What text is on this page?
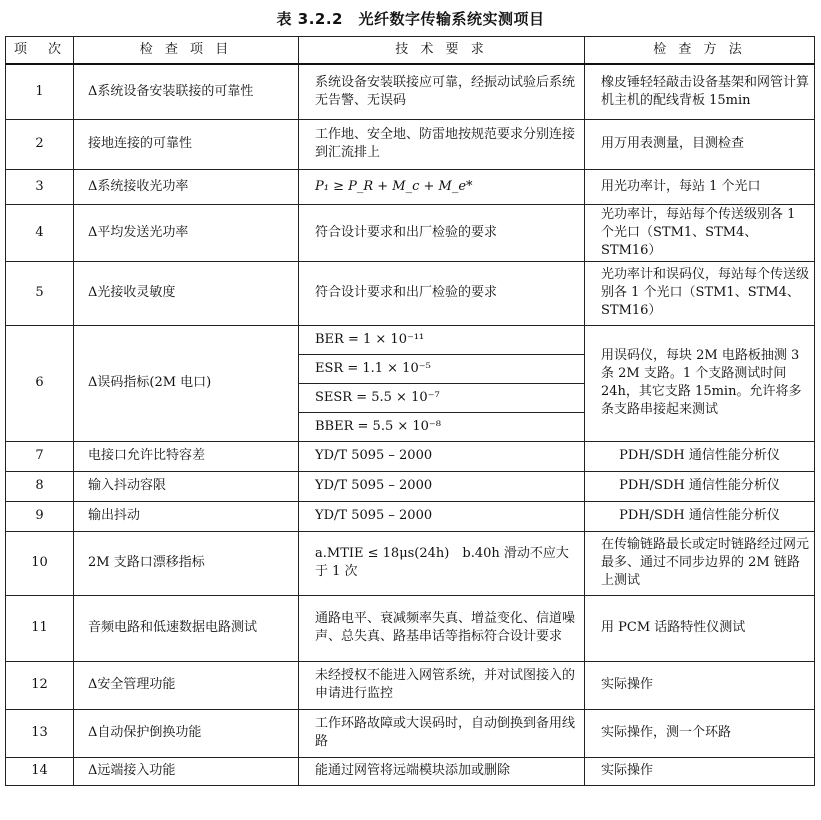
表 3.2.2　光纤数字传输系统实测项目
项　次	检 查 项 目	技 术 要 求	检 查 方 法
1	Δ系统设备安装联接的可靠性	系统设备安装联接应可靠，经振动试验后系统无告警、无误码	橡皮锤轻轻敲击设备基架和网管计算机主机的配线背板 15min
2	接地连接的可靠性	工作地、安全地、防雷地按规范要求分别连接到汇流排上	用万用表测量，目测检查
3	Δ系统接收光功率	P₁ ≥ P_R + M_c + M_e*	用光功率计，每站 1 个光口
4	Δ平均发送光功率	符合设计要求和出厂检验的要求	光功率计，每站每个传送级别各 1 个光口（STM1、STM4、STM16）
5	Δ光接收灵敏度	符合设计要求和出厂检验的要求	光功率计和误码仪，每站每个传送级别各 1 个光口（STM1、STM4、STM16）
6	Δ误码指标(2M 电口)	BER = 1 × 10⁻¹¹	用误码仪，每块 2M 电路板抽测 3 条 2M 支路。1 个支路测试时间 24h，其它支路 15min。允许将多条支路串接起来测试
		ESR = 1.1 × 10⁻⁵	
		SESR = 5.5 × 10⁻⁷	
		BBER = 5.5 × 10⁻⁸	
7	电接口允许比特容差	YD/T 5095 – 2000	PDH/SDH 通信性能分析仪
8	输入抖动容限	YD/T 5095 – 2000	PDH/SDH 通信性能分析仪
9	输出抖动	YD/T 5095 – 2000	PDH/SDH 通信性能分析仪
10	2M 支路口漂移指标	a.MTIE ≤ 18μs(24h)　b.40h 滑动不应大于 1 次	在传输链路最长或定时链路经过网元最多、通过不同步边界的 2M 链路上测试
11	音频电路和低速数据电路测试	通路电平、衰减频率失真、增益变化、信道噪声、总失真、路基串话等指标符合设计要求	用 PCM 话路特性仪测试
12	Δ安全管理功能	未经授权不能进入网管系统，并对试图接入的申请进行监控	实际操作
13	Δ自动保护倒换功能	工作环路故障或大误码时，自动倒换到备用线路	实际操作，测一个环路
14	Δ远端接入功能	能通过网管将远端模块添加或删除	实际操作
